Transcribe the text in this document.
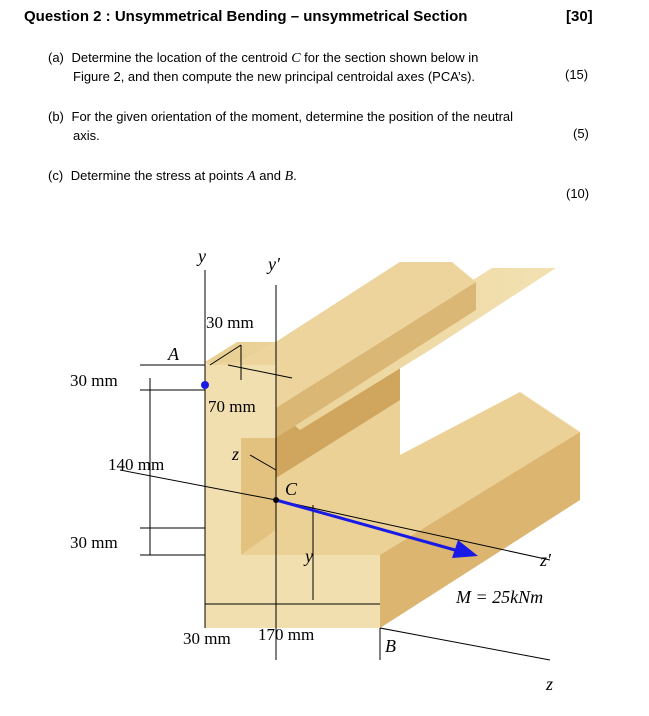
Question 2 : Unsymmetrical Bending – unsymmetrical Section	[30]
(a) Determine the location of the centroid C for the section shown below in
Figure 2, and then compute the new principal centroidal axes (PCA’s).	(15)
(b) For the given orientation of the moment, determine the position of the neutral
axis.	(5)
(c) Determine the stress at points A and B.
(10)
y	y′
30 mm
A
30 mm
70 mm
z
140 mm
C
y
30 mm
z′
M = 25kNm
170 mm
30 mm	B
z
